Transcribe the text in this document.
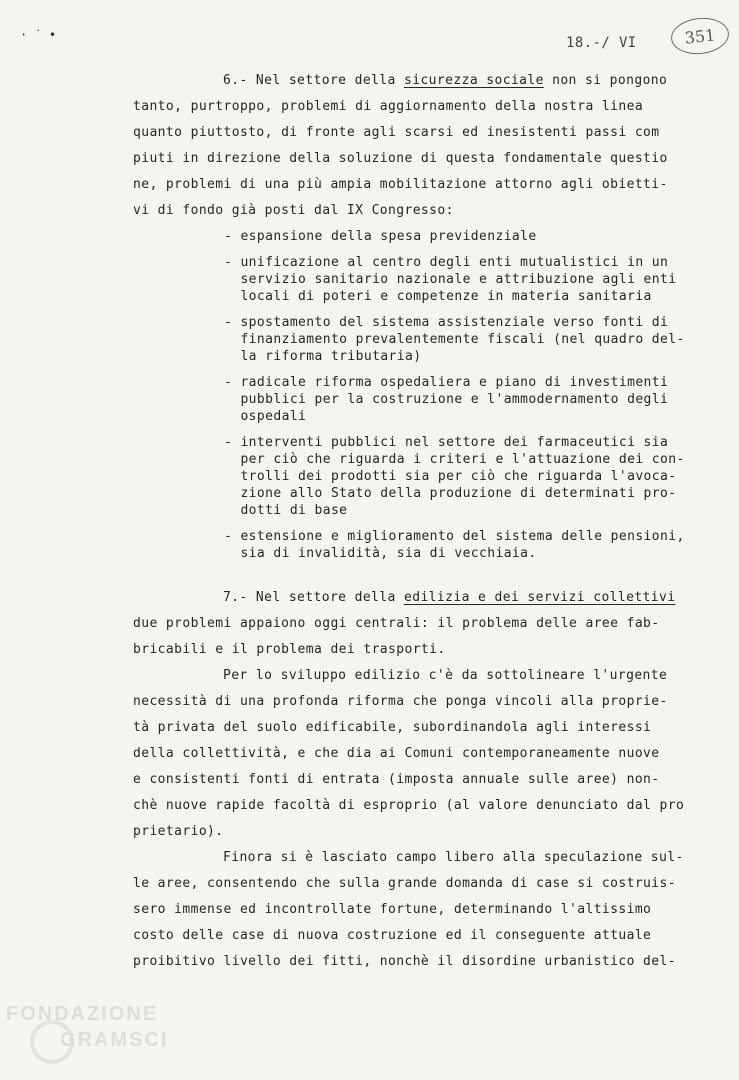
· ˙ •	18.-/ VI	351
6.- Nel settore della sicurezza sociale non si pongono
tanto, purtroppo, problemi di aggiornamento della nostra linea
quanto piuttosto, di fronte agli scarsi ed inesistenti passi com
piuti in direzione della soluzione di questa fondamentale questio
ne, problemi di una più ampia mobilitazione attorno agli obietti-
vi di fondo già posti dal IX Congresso:
- espansione della spesa previdenziale
- unificazione al centro degli enti mutualistici in un
servizio sanitario nazionale e attribuzione agli enti
locali di poteri e competenze in materia sanitaria
- spostamento del sistema assistenziale verso fonti di
finanziamento prevalentemente fiscali (nel quadro del-
la riforma tributaria)
- radicale riforma ospedaliera e piano di investimenti
pubblici per la costruzione e l'ammodernamento degli
ospedali
- interventi pubblici nel settore dei farmaceutici sia
per ciò che riguarda i criteri e l'attuazione dei con-
trolli dei prodotti sia per ciò che riguarda l'avoca-
zione allo Stato della produzione di determinati pro-
dotti di base
- estensione e miglioramento del sistema delle pensioni,
sia di invalidità, sia di vecchiaia.
7.- Nel settore della edilizia e dei servizi collettivi
due problemi appaiono oggi centrali: il problema delle aree fab-
bricabili e il problema dei trasporti.
Per lo sviluppo edilizio c'è da sottolineare l'urgente
necessità di una profonda riforma che ponga vincoli alla proprie-
tà privata del suolo edificabile, subordinandola agli interessi
della collettività, e che dia ai Comuni contemporaneamente nuove
e consistenti fonti di entrata (imposta annuale sulle aree) non-
chè nuove rapide facoltà di esproprio (al valore denunciato dal pro
prietario).
Finora si è lasciato campo libero alla speculazione sul-
le aree, consentendo che sulla grande domanda di case si costruis-
sero immense ed incontrollate fortune, determinando l'altissimo
costo delle case di nuova costruzione ed il conseguente attuale
proibitivo livello dei fitti, nonchè il disordine urbanistico del-
FONDAZIONE
GRAMSCI
